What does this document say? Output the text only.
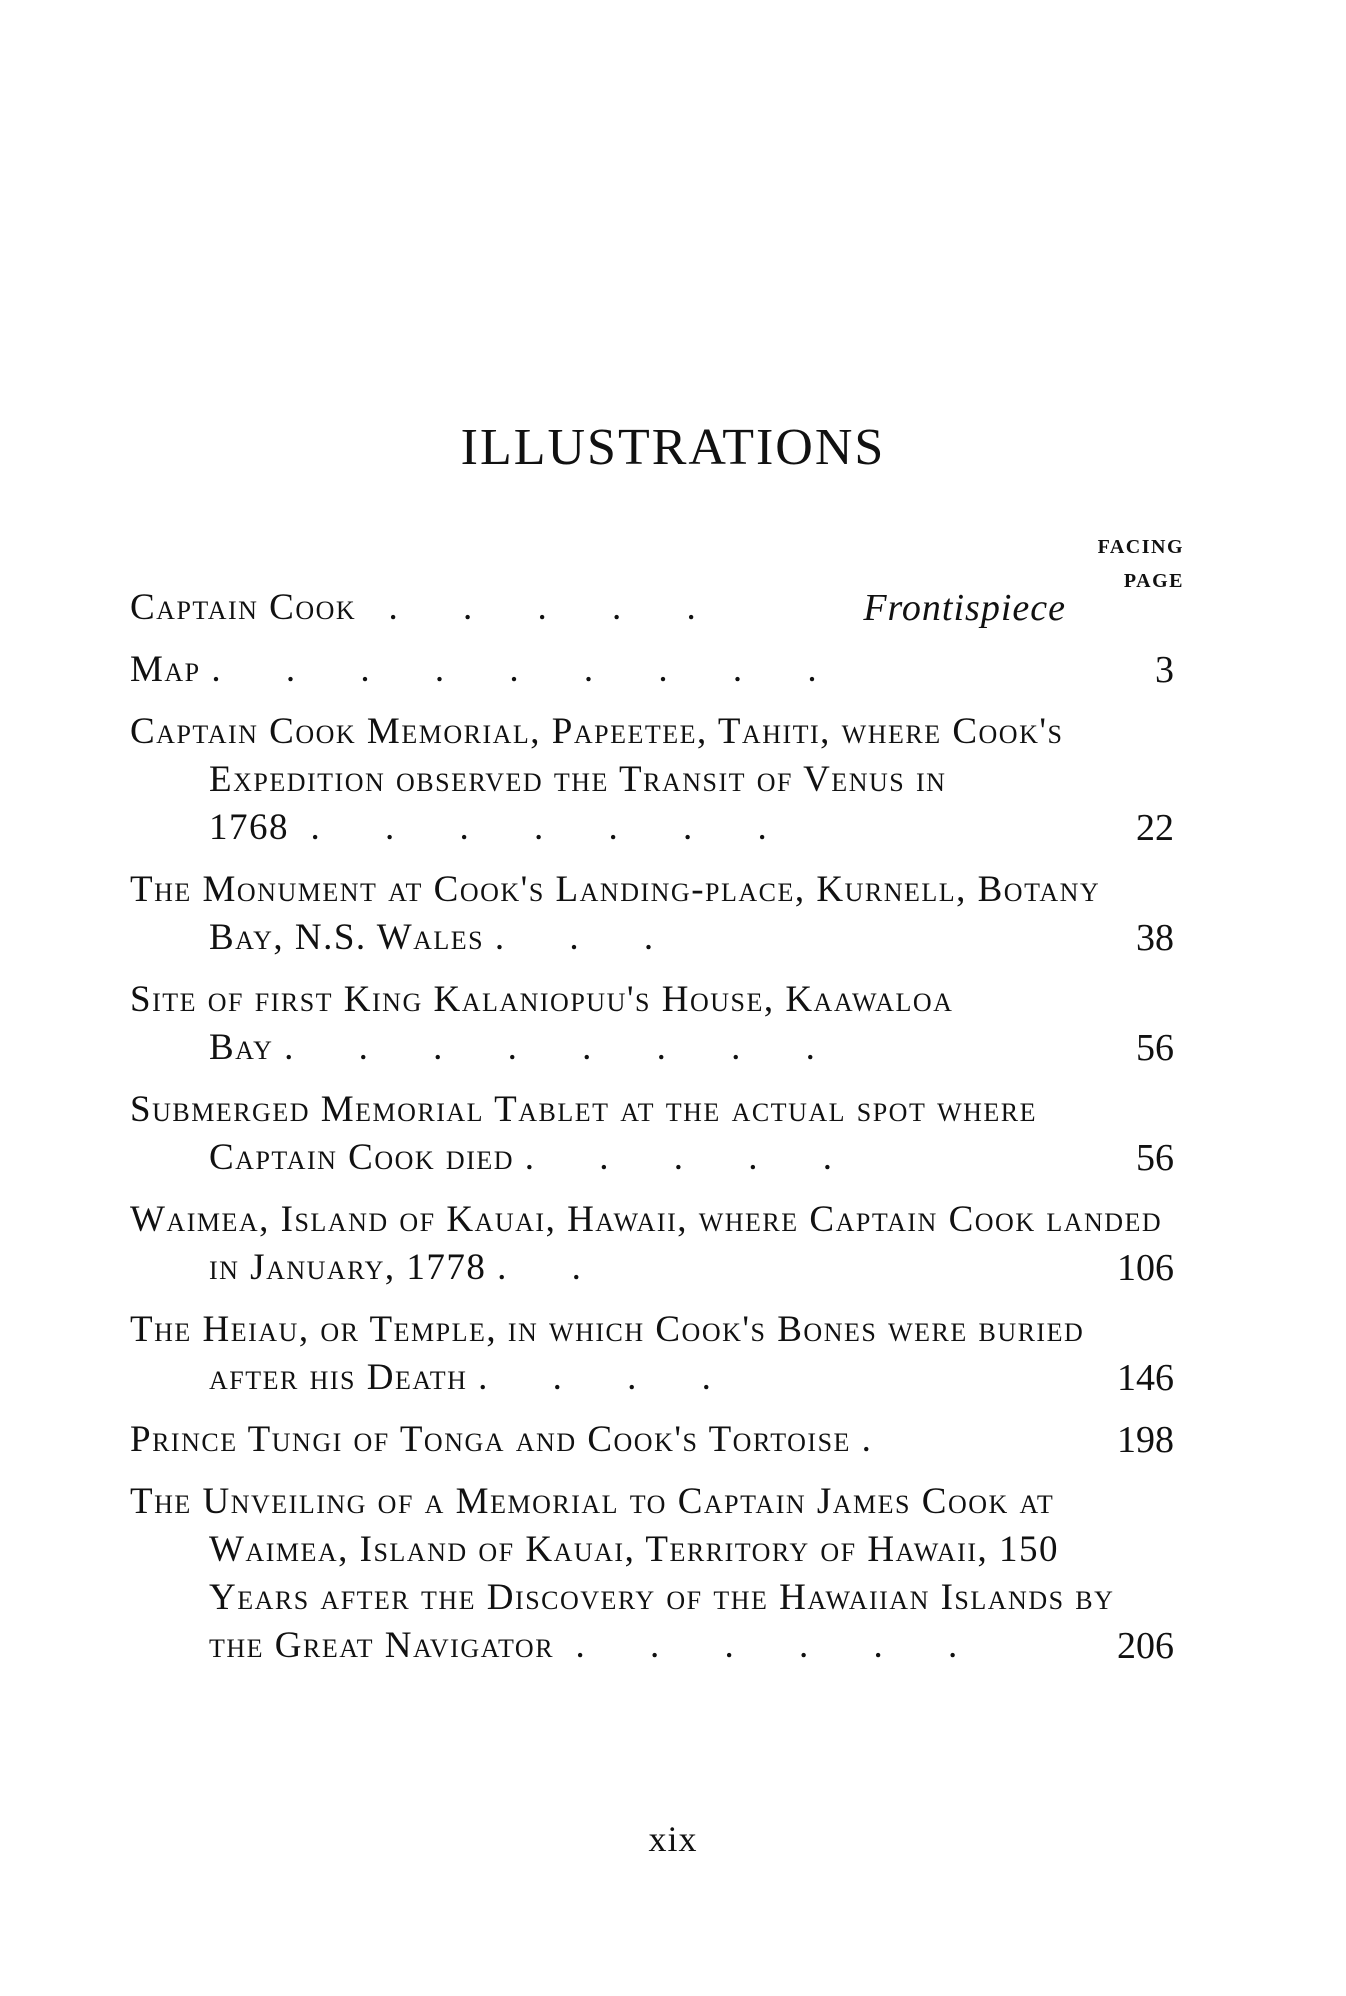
ILLUSTRATIONS
FACING
PAGE
Captain Cook . . . . .	Frontispiece
Map . . . . . . . . .	3
Captain Cook Memorial, Papeetee, Tahiti, where Cook's Expedition observed the Transit of Venus in 1768 . . . . . . .	22
The Monument at Cook's Landing-place, Kurnell, Botany Bay, N.S. Wales . . .	38
Site of first King Kalaniopuu's House, Kaawaloa Bay . . . . . . . .	56
Submerged Memorial Tablet at the actual spot where Captain Cook died . . . . .	56
Waimea, Island of Kauai, Hawaii, where Captain Cook landed in January, 1778 . .	106
The Heiau, or Temple, in which Cook's Bones were buried after his Death . . . .	146
Prince Tungi of Tonga and Cook's Tortoise .	198
The Unveiling of a Memorial to Captain James Cook at Waimea, Island of Kauai, Territory of Hawaii, 150 Years after the Discovery of the Hawaiian Islands by the Great Navigator . . . . . .	206
xix
